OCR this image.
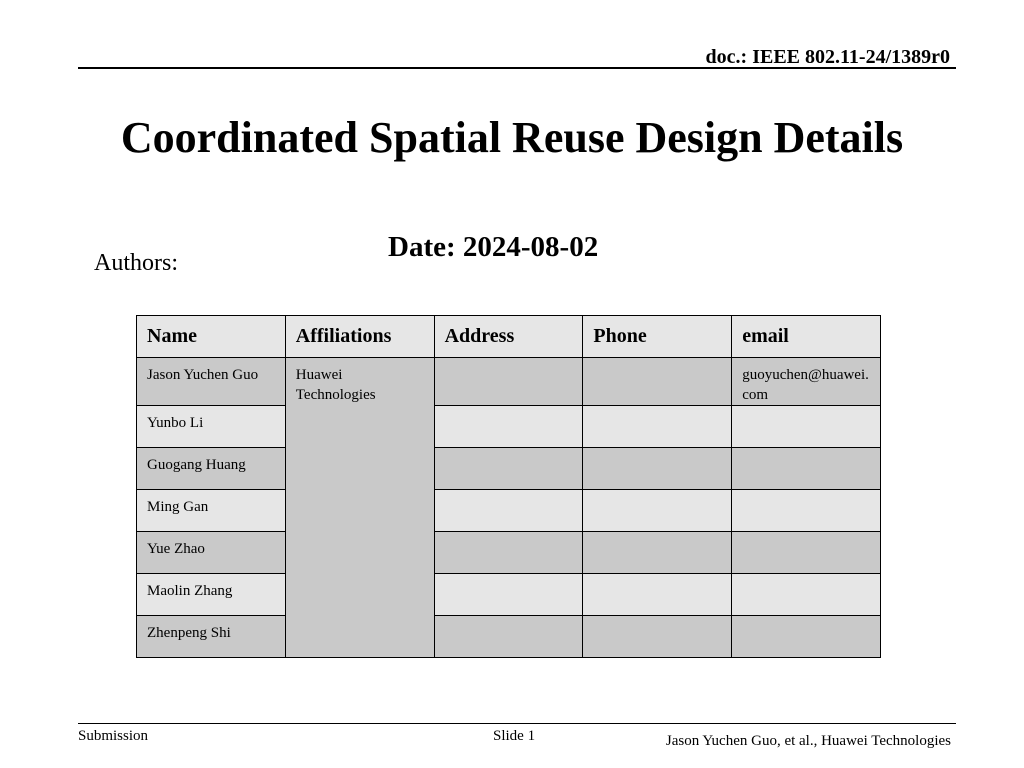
doc.: IEEE 802.11-24/1389r0
Coordinated Spatial Reuse Design Details
Date: 2024-08-02
Authors:
Name	Affiliations	Address	Phone	email
Jason Yuchen Guo	Huawei Technologies			guoyuchen@huawei.com
Yunbo Li				
Guogang Huang				
Ming Gan				
Yue Zhao				
Maolin Zhang				
Zhenpeng Shi				
Submission	Slide 1	Jason Yuchen Guo, et al., Huawei Technologies
